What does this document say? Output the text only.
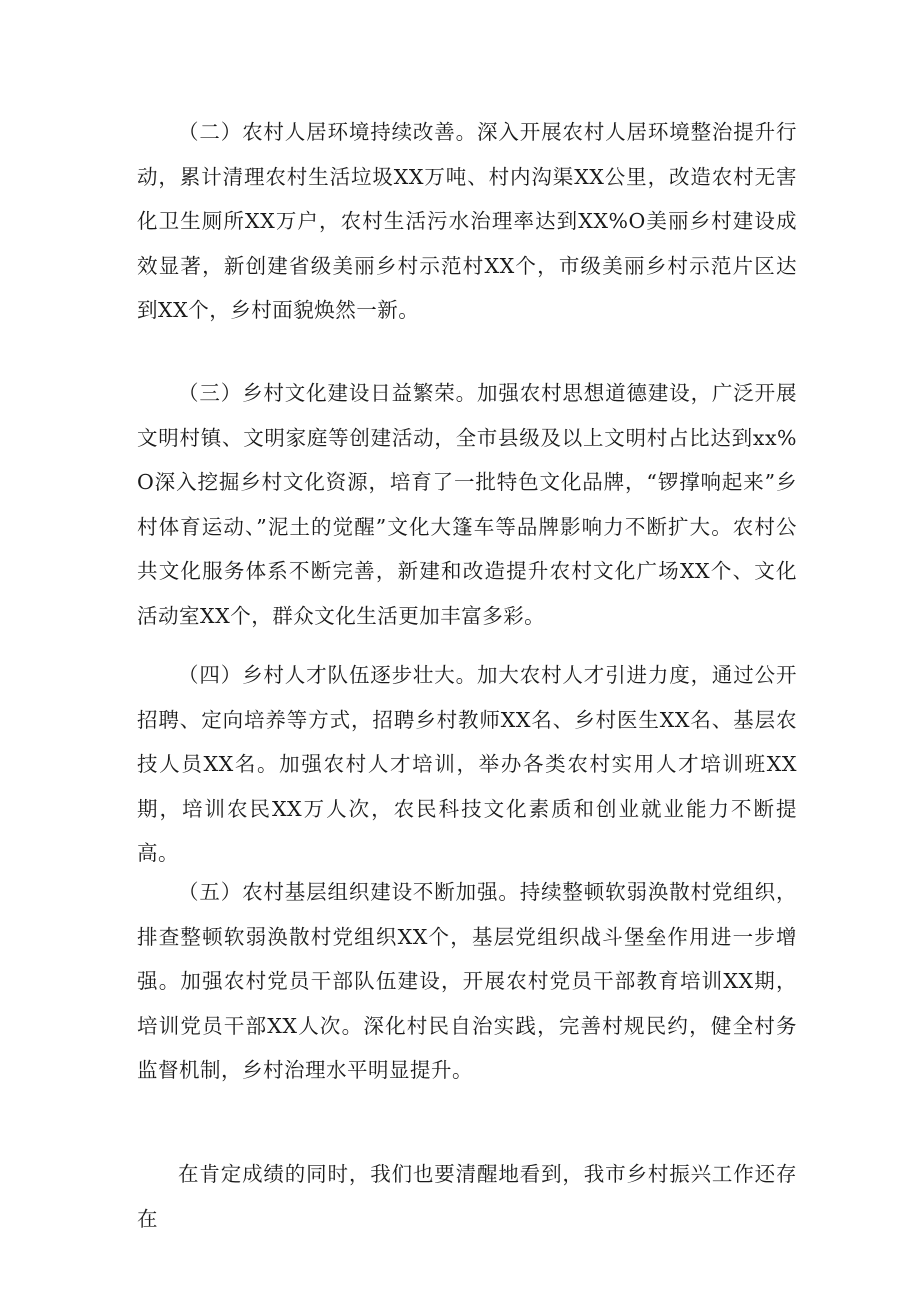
（二）农村人居环境持续改善。深入开展农村人居环境整治提升行动，累计清理农村生活垃圾XX万吨、村内沟渠XX公里，改造农村无害化卫生厕所XX万户，农村生活污水治理率达到XX%O美丽乡村建设成效显著，新创建省级美丽乡村示范村XX个，市级美丽乡村示范片区达到XX个，乡村面貌焕然一新。

（三）乡村文化建设日益繁荣。加强农村思想道德建设，广泛开展文明村镇、文明家庭等创建活动，全市县级及以上文明村占比达到xx%O深入挖掘乡村文化资源，培育了一批特色文化品牌，“锣撑响起来”乡村体育运动、”泥土的觉醒”文化大篷车等品牌影响力不断扩大。农村公共文化服务体系不断完善，新建和改造提升农村文化广场XX个、文化活动室XX个，群众文化生活更加丰富多彩。

（四）乡村人才队伍逐步壮大。加大农村人才引进力度，通过公开招聘、定向培养等方式，招聘乡村教师XX名、乡村医生XX名、基层农技人员XX名。加强农村人才培训，举办各类农村实用人才培训班XX期，培训农民XX万人次，农民科技文化素质和创业就业能力不断提高。

（五）农村基层组织建设不断加强。持续整顿软弱涣散村党组织，排查整顿软弱涣散村党组织XX个，基层党组织战斗堡垒作用进一步增强。加强农村党员干部队伍建设，开展农村党员干部教育培训XX期，培训党员干部XX人次。深化村民自治实践，完善村规民约，健全村务监督机制，乡村治理水平明显提升。

在肯定成绩的同时，我们也要清醒地看到，我市乡村振兴工作还存在
